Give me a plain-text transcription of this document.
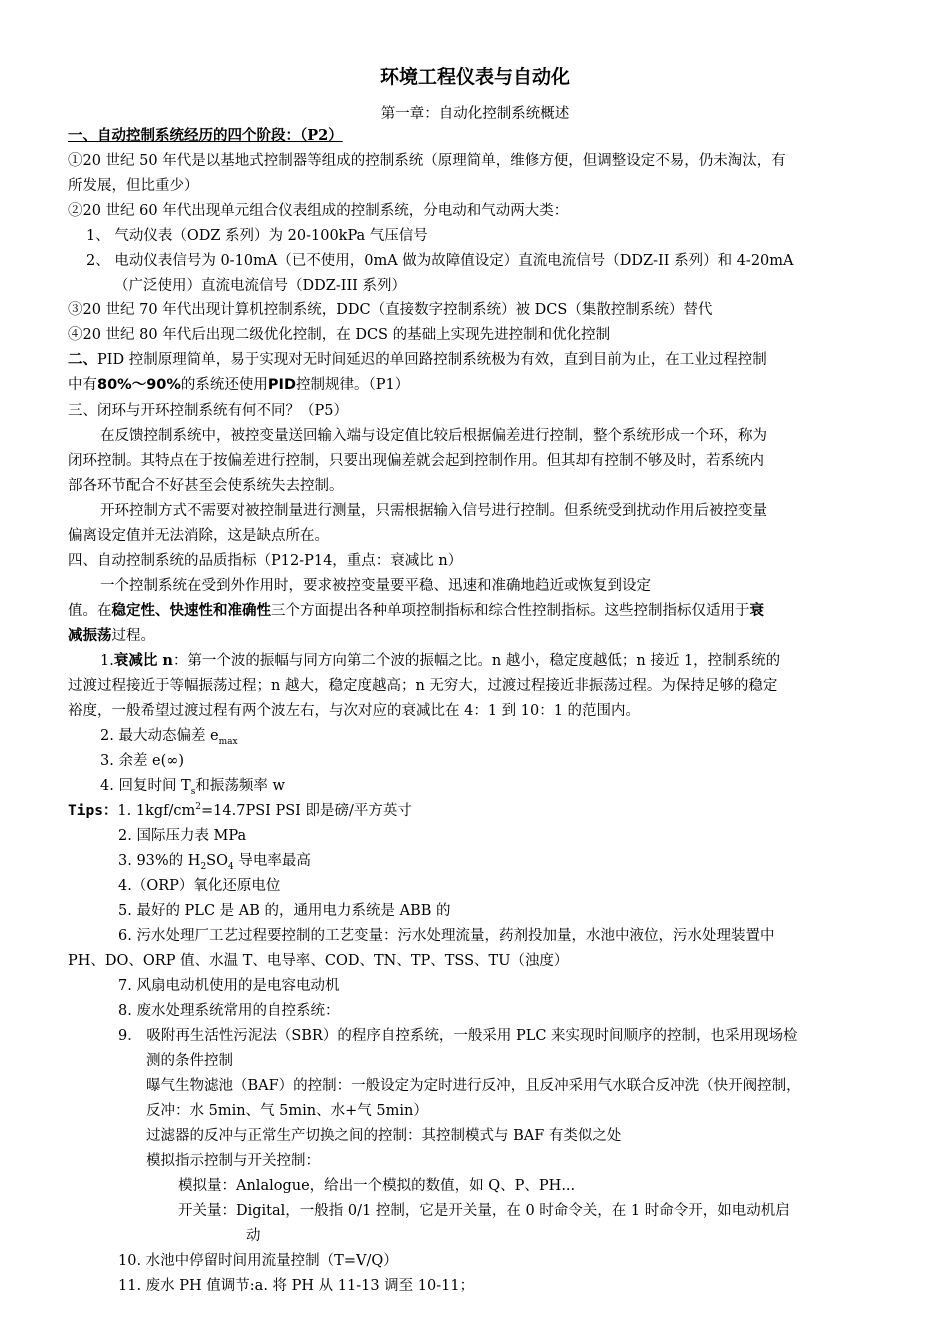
环境工程仪表与自动化
第一章：自动化控制系统概述
一、自动控制系统经历的四个阶段：（P2）
①20 世纪 50 年代是以基地式控制器等组成的控制系统（原理简单，维修方便，但调整设定不易，仍未淘汰，有
所发展，但比重少）
②20 世纪 60 年代出现单元组合仪表组成的控制系统，分电动和气动两大类：
1、 气动仪表（ODZ 系列）为 20-100kPa 气压信号
2、 电动仪表信号为 0-10mA（已不使用，0mA 做为故障值设定）直流电流信号（DDZ-II 系列）和 4-20mA
（广泛使用）直流电流信号（DDZ-III 系列）
③20 世纪 70 年代出现计算机控制系统，DDC（直接数字控制系统）被 DCS（集散控制系统）替代
④20 世纪 80 年代后出现二级优化控制，在 DCS 的基础上实现先进控制和优化控制
二、PID 控制原理简单，易于实现对无时间延迟的单回路控制系统极为有效，直到目前为止，在工业过程控制
中有80%～90%的系统还使用PID控制规律。（P1）
三、闭环与开环控制系统有何不同？（P5）
在反馈控制系统中，被控变量送回输入端与设定值比较后根据偏差进行控制，整个系统形成一个环，称为
闭环控制。其特点在于按偏差进行控制，只要出现偏差就会起到控制作用。但其却有控制不够及时，若系统内
部各环节配合不好甚至会使系统失去控制。
开环控制方式不需要对被控制量进行测量，只需根据输入信号进行控制。但系统受到扰动作用后被控变量
偏离设定值并无法消除，这是缺点所在。
四、自动控制系统的品质指标（P12-P14，重点：衰减比 n）
一个控制系统在受到外作用时，要求被控变量要平稳、迅速和准确地趋近或恢复到设定
值。在稳定性、快速性和准确性三个方面提出各种单项控制指标和综合性控制指标。这些控制指标仅适用于衰
减振荡过程。
1.衰减比 n：第一个波的振幅与同方向第二个波的振幅之比。n 越小，稳定度越低；n 接近 1，控制系统的
过渡过程接近于等幅振荡过程；n 越大，稳定度越高；n 无穷大，过渡过程接近非振荡过程。为保持足够的稳定
裕度，一般希望过渡过程有两个波左右，与次对应的衰减比在 4：1 到 10：1 的范围内。
2. 最大动态偏差 $e_{max}$
3. 余差 e(∞)
4. 回复时间 $T_s$和振荡频率 w
Tips：1. $1kgf/cm^2=14.7PSI$ PSI 即是磅/平方英寸
2. 国际压力表 MPa
3. 93%的 $H_2SO_4$ 导电率最高
4.（ORP）氧化还原电位
5. 最好的 PLC 是 AB 的，通用电力系统是 ABB 的
6. 污水处理厂工艺过程要控制的工艺变量：污水处理流量，药剂投加量，水池中液位，污水处理装置中
PH、DO、ORP 值、水温 T、电导率、COD、TN、TP、TSS、TU（浊度）
7. 风扇电动机使用的是电容电动机
8. 废水处理系统常用的自控系统：
9． 吸附再生活性污泥法（SBR）的程序自控系统，一般采用 PLC 来实现时间顺序的控制，也采用现场检
测的条件控制
曝气生物滤池（BAF）的控制：一般设定为定时进行反冲，且反冲采用气水联合反冲洗（快开阀控制，
反冲：水 5min、气 5min、水+气 5min）
过滤器的反冲与正常生产切换之间的控制：其控制模式与 BAF 有类似之处
模拟指示控制与开关控制：
模拟量：Anlalogue，给出一个模拟的数值，如 Q、P、PH...
开关量：Digital，一般指 0/1 控制，它是开关量，在 0 时命令关，在 1 时命令开，如电动机启
动
10. 水池中停留时间用流量控制（T=V/Q）
11. 废水 PH 值调节:a. 将 PH 从 11-13 调至 10-11；
